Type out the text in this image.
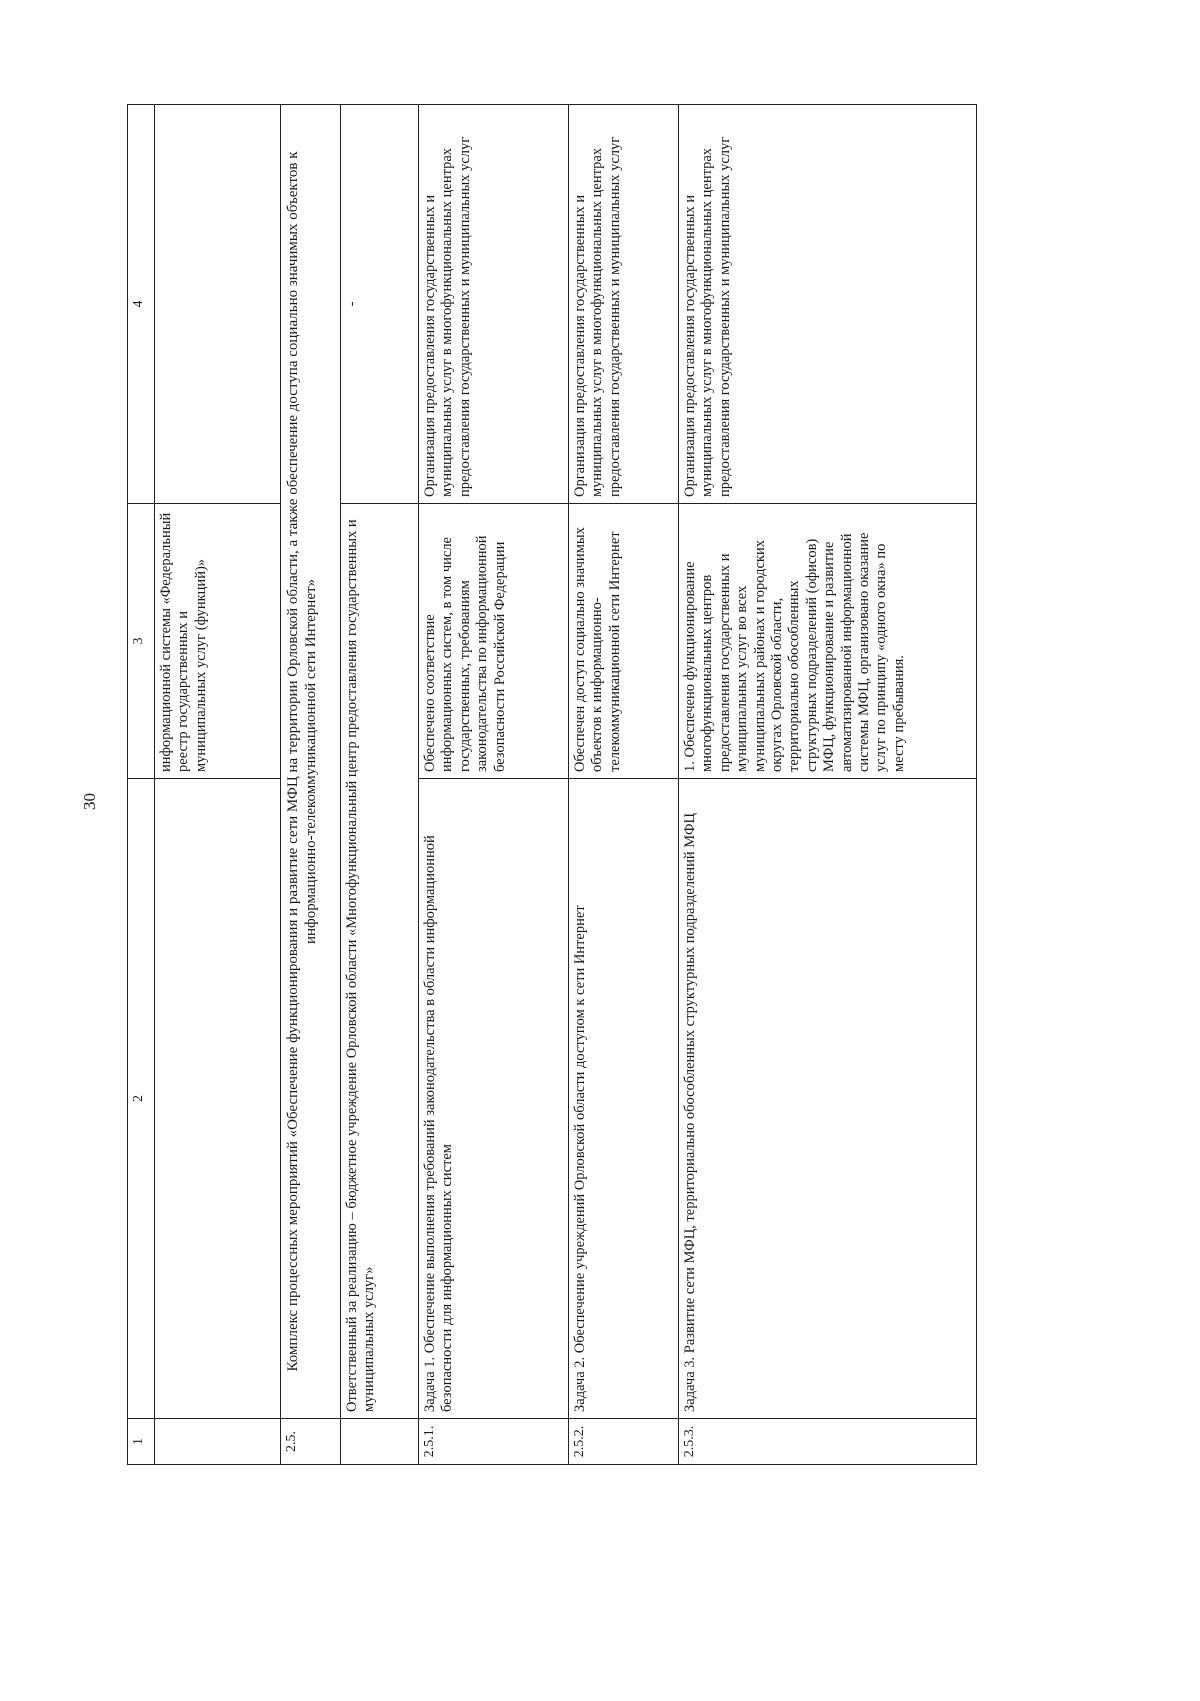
30
1	2	3	4
		информационной системы «Федеральный реестр государственных и муниципальных услуг (функций)»	
2.5.	Комплекс процессных мероприятий «Обеспечение функционирования и развитие сети МФЦ на территории Орловской области, а также обеспечение доступа социально значимых объектов к информационно-телекоммуникационной сети Интернет»		
	Ответственный за реализацию – бюджетное учреждение Орловской области «Многофункциональный центр предоставления государственных и муниципальных услуг»		-
2.5.1.	Задача 1. Обеспечение выполнения требований законодательства в области информационной безопасности для информационных систем	Обеспечено соответствие информационных систем, в том числе государственных, требованиям законодательства по информационной безопасности Российской Федерации	Организация предоставления государственных и муниципальных услуг в многофункциональных центрах предоставления государственных и муниципальных услуг
2.5.2.	Задача 2. Обеспечение учреждений Орловской области доступом к сети Интернет	Обеспечен доступ социально значимых объектов к информационно-телекоммуникационной сети Интернет	Организация предоставления государственных и муниципальных услуг в многофункциональных центрах предоставления государственных и муниципальных услуг
2.5.3.	Задача 3. Развитие сети МФЦ, территориально обособленных структурных подразделений МФЦ	1. Обеспечено функционирование многофункциональных центров предоставления государственных и муниципальных услуг во всех муниципальных районах и городских округах Орловской области, территориально обособленных структурных подразделений (офисов) МФЦ, функционирование и развитие автоматизированной информационной системы МФЦ, организовано оказание услуг по принципу «одного окна» по месту пребывания.	Организация предоставления государственных и муниципальных услуг в многофункциональных центрах предоставления государственных и муниципальных услуг
